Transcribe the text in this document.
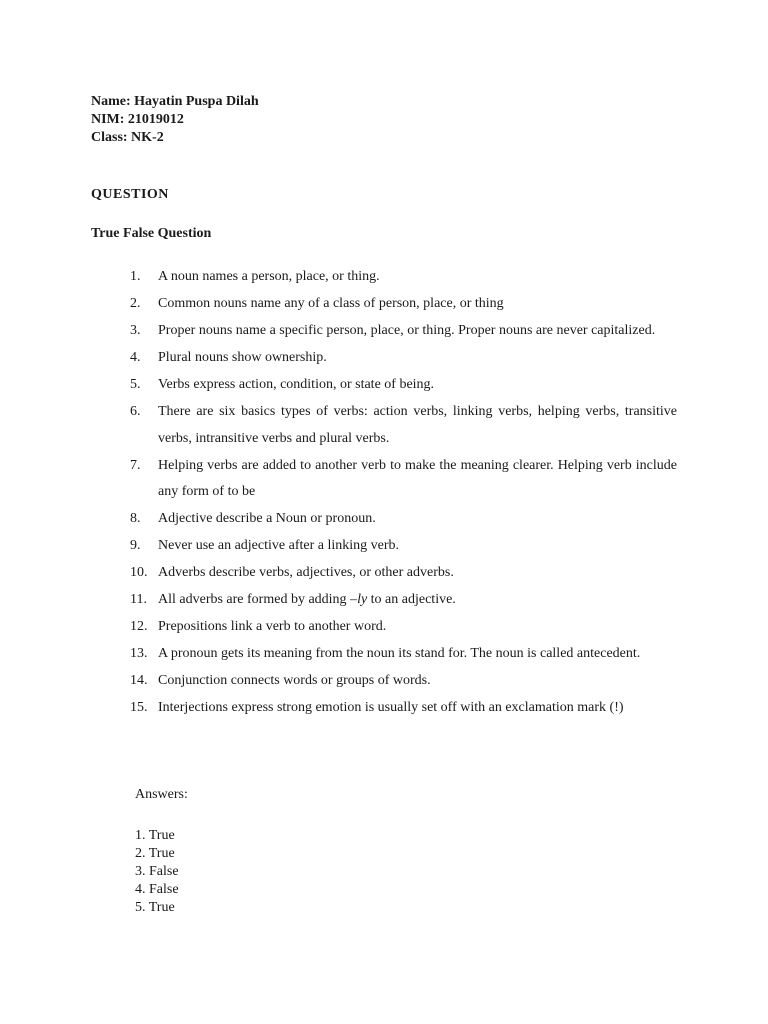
Name: Hayatin Puspa Dilah
NIM: 21019012
Class: NK-2
QUESTION
True False Question
1.	A noun names a person, place, or thing.
2.	Common nouns name any of a class of person, place, or thing
3.	Proper nouns name a specific person, place, or thing. Proper nouns are never capitalized.
4.	Plural nouns show ownership.
5.	Verbs express action, condition, or state of being.
6.	There are six basics types of verbs: action verbs, linking verbs, helping verbs, transitive verbs, intransitive verbs and plural verbs.
7.	Helping verbs are added to another verb to make the meaning clearer. Helping verb include any form of to be
8.	Adjective describe a Noun or pronoun.
9.	Never use an adjective after a linking verb.
10. Adverbs describe verbs, adjectives, or other adverbs.
11. All adverbs are formed by adding –ly to an adjective.
12. Prepositions link a verb to another word.
13. A pronoun gets its meaning from the noun its stand for. The noun is called antecedent.
14. Conjunction connects words or groups of words.
15. Interjections express strong emotion is usually set off with an exclamation mark (!)
Answers:
1. True
2. True
3. False
4. False
5. True
